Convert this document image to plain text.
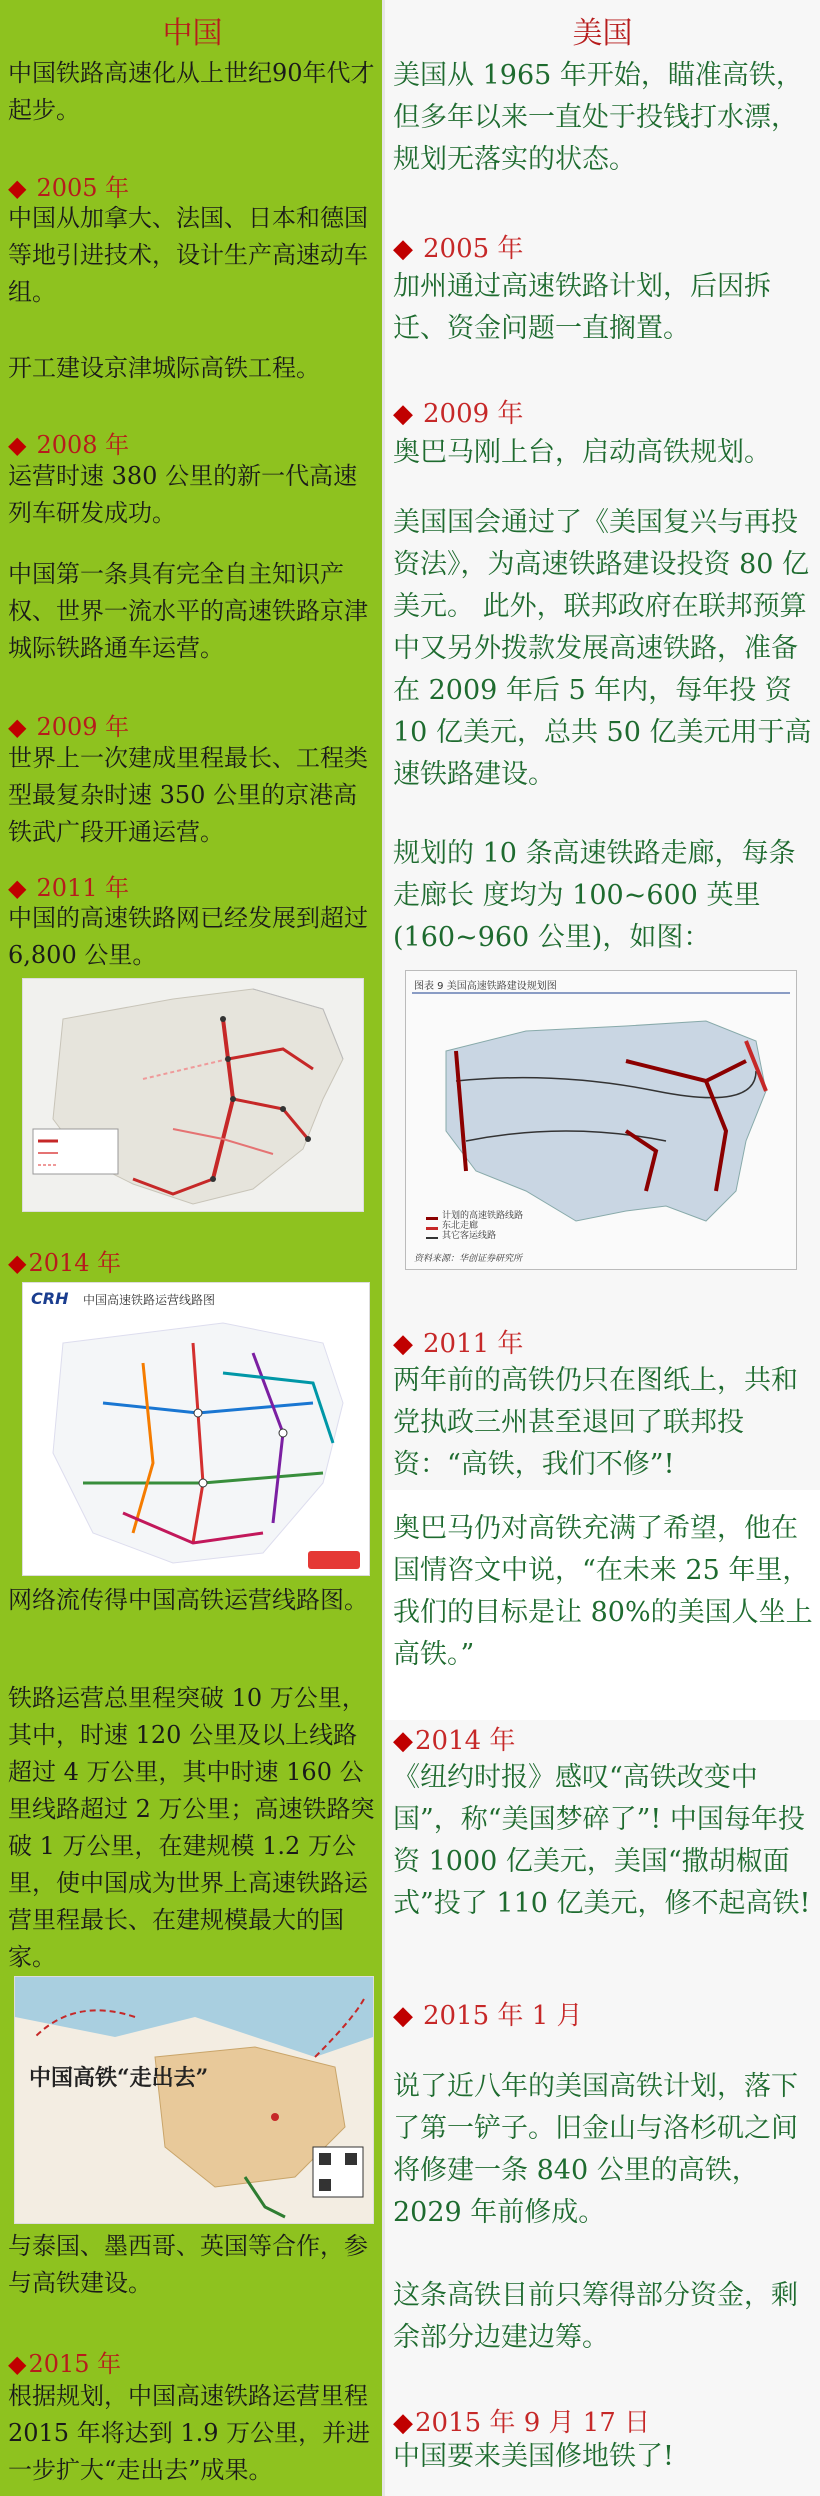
中国	美国
中国铁路高速化从上世纪90年代才起步。
◆ 2005 年
中国从加拿大、法国、日本和德国等地引进技术，设计生产高速动车组。
开工建设京津城际高铁工程。
◆ 2008 年
运营时速 380 公里的新一代高速列车研发成功。
中国第一条具有完全自主知识产权、世界一流水平的高速铁路京津城际铁路通车运营。
◆ 2009 年
世界上一次建成里程最长、工程类型最复杂时速 350 公里的京港高铁武广段开通运营。
◆ 2011 年
中国的高速铁路网已经发展到超过 6,800 公里。
◆2014 年
CRH 中国高速铁路运营线路图
网络流传得中国高铁运营线路图。
铁路运营总里程突破 10 万公里，其中，时速 120 公里及以上线路超过 4 万公里，其中时速 160 公里线路超过 2 万公里；高速铁路突破 1 万公里，在建规模 1.2 万公里，使中国成为世界上高速铁路运营里程最长、在建规模最大的国家。
中国高铁“走出去”
与泰国、墨西哥、英国等合作，参与高铁建设。
◆2015 年
根据规划，中国高速铁路运营里程 2015 年将达到 1.9 万公里，并进一步扩大“走出去”成果。
美国从 1965 年开始，瞄准高铁，但多年以来一直处于投钱打水漂，规划无落实的状态。
◆ 2005 年
加州通过高速铁路计划，后因拆迁、资金问题一直搁置。
◆ 2009 年
奥巴马刚上台，启动高铁规划。
美国国会通过了《美国复兴与再投资法》，为高速铁路建设投资 80 亿美元。 此外，联邦政府在联邦预算中又另外拨款发展高速铁路，准备在 2009 年后 5 年内，每年投 资 10 亿美元，总共 50 亿美元用于高速铁路建设。
规划的 10 条高速铁路走廊，每条走廊长 度均为 100~600 英里(160~960 公里)，如图：
图表 9 美国高速铁路建设规划图
计划的高速铁路线路
东北走廊
其它客运线路
资料来源：华创证券研究所
◆ 2011 年
两年前的高铁仍只在图纸上，共和党执政三州甚至退回了联邦投资：“高铁，我们不修”!
奥巴马仍对高铁充满了希望，他在国情咨文中说，“在未来 25 年里，我们的目标是让 80%的美国人坐上高铁。”
◆2014 年
《纽约时报》感叹“高铁改变中国”，称“美国梦碎了”! 中国每年投资 1000 亿美元，美国“撒胡椒面式”投了 110 亿美元，修不起高铁!
◆ 2015 年 1 月
说了近八年的美国高铁计划，落下了第一铲子。旧金山与洛杉矶之间将修建一条 840 公里的高铁，2029 年前修成。
这条高铁目前只筹得部分资金，剩余部分边建边筹。
◆2015 年 9 月 17 日
中国要来美国修地铁了!
